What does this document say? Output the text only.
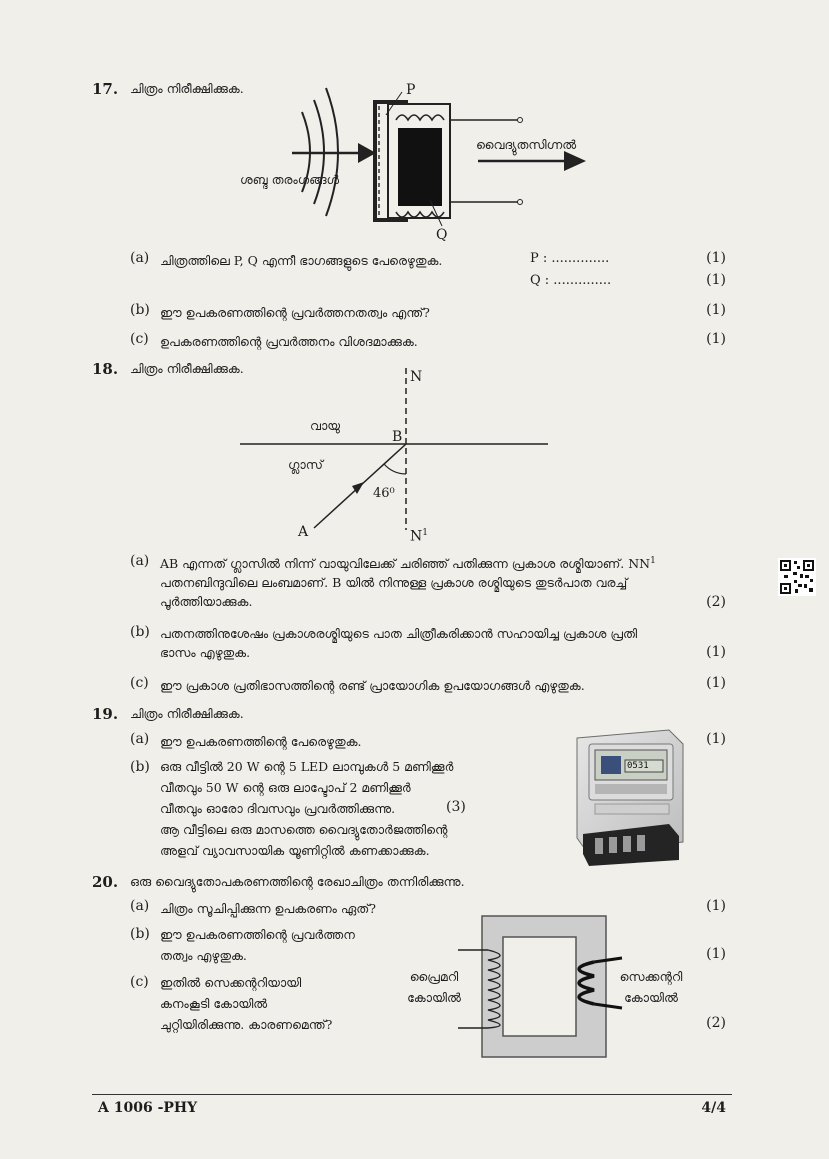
17. ചിത്രം നിരീക്ഷിക്കുക.	P
Q
ശബ്ദ തരംഗങ്ങൾ
വൈദ്യുതസിഗ്നൽ
(a) ചിത്രത്തിലെ P, Q എന്നീ ഭാഗങ്ങളുടെ പേരെഴുതുക.	P : ..............
Q : ..............
(1)
(1)
(b) ഈ ഉപകരണത്തിന്റെ പ്രവർത്തനതത്വം എന്ത്?	(1)
(c) ഉപകരണത്തിന്റെ പ്രവർത്തനം വിശദമാക്കുക.	(1)
18. ചിത്രം നിരീക്ഷിക്കുക.
N
$N^1$
വായു
ഗ്ലാസ്
B
A
46⁰
(a) AB എന്നത് ഗ്ലാസിൽ നിന്ന് വായുവിലേക്ക് ചരിഞ്ഞ് പതിക്കുന്ന പ്രകാശ രശ്മിയാണ്. $NN^1$
പതനബിന്ദുവിലെ ലംബമാണ്. B യിൽ നിന്നുള്ള പ്രകാശ രശ്മിയുടെ തുടർപാത വരച്ച്
പൂർത്തിയാക്കുക.	(2)
(b) പതനത്തിനുശേഷം പ്രകാശരശ്മിയുടെ പാത ചിത്രീകരിക്കാൻ സഹായിച്ച പ്രകാശ പ്രതി
ഭാസം എഴുതുക.	(1)
(c) ഈ പ്രകാശ പ്രതിഭാസത്തിന്റെ രണ്ട് പ്രായോഗിക ഉപയോഗങ്ങൾ എഴുതുക.	(1)
19. ചിത്രം നിരീക്ഷിക്കുക.
(a) ഈ ഉപകരണത്തിന്റെ പേരെഴുതുക.	(1)
(b) ഒരു വീട്ടിൽ 20 W ന്റെ 5 LED ലാമ്പുകൾ 5 മണിക്കൂർ
വീതവും 50 W ന്റെ ഒരു ലാപ്ടോപ് 2 മണിക്കൂർ
വീതവും ഓരോ ദിവസവും പ്രവർത്തിക്കുന്നു.
ആ വീട്ടിലെ ഒരു മാസത്തെ വൈദ്യുതോർജത്തിന്റെ
അളവ് വ്യാവസായിക യൂണിറ്റിൽ കണക്കാക്കുക.
(3)
0531
20. ഒരു വൈദ്യുതോപകരണത്തിന്റെ രേഖാചിത്രം തന്നിരിക്കുന്നു.
(a) ചിത്രം സൂചിപ്പിക്കുന്ന ഉപകരണം ഏത്?	(1)
(b) ഈ ഉപകരണത്തിന്റെ പ്രവർത്തന
തത്വം എഴുതുക.	(1)
(c) ഇതിൽ സെക്കന്ററിയായി
കനംകൂടി കോയിൽ
ചുറ്റിയിരിക്കുന്നു. കാരണമെന്ത്?	(2)
പ്രൈമറി
കോയിൽ
സെക്കന്ററി
കോയിൽ
A 1006 -PHY	4/4
